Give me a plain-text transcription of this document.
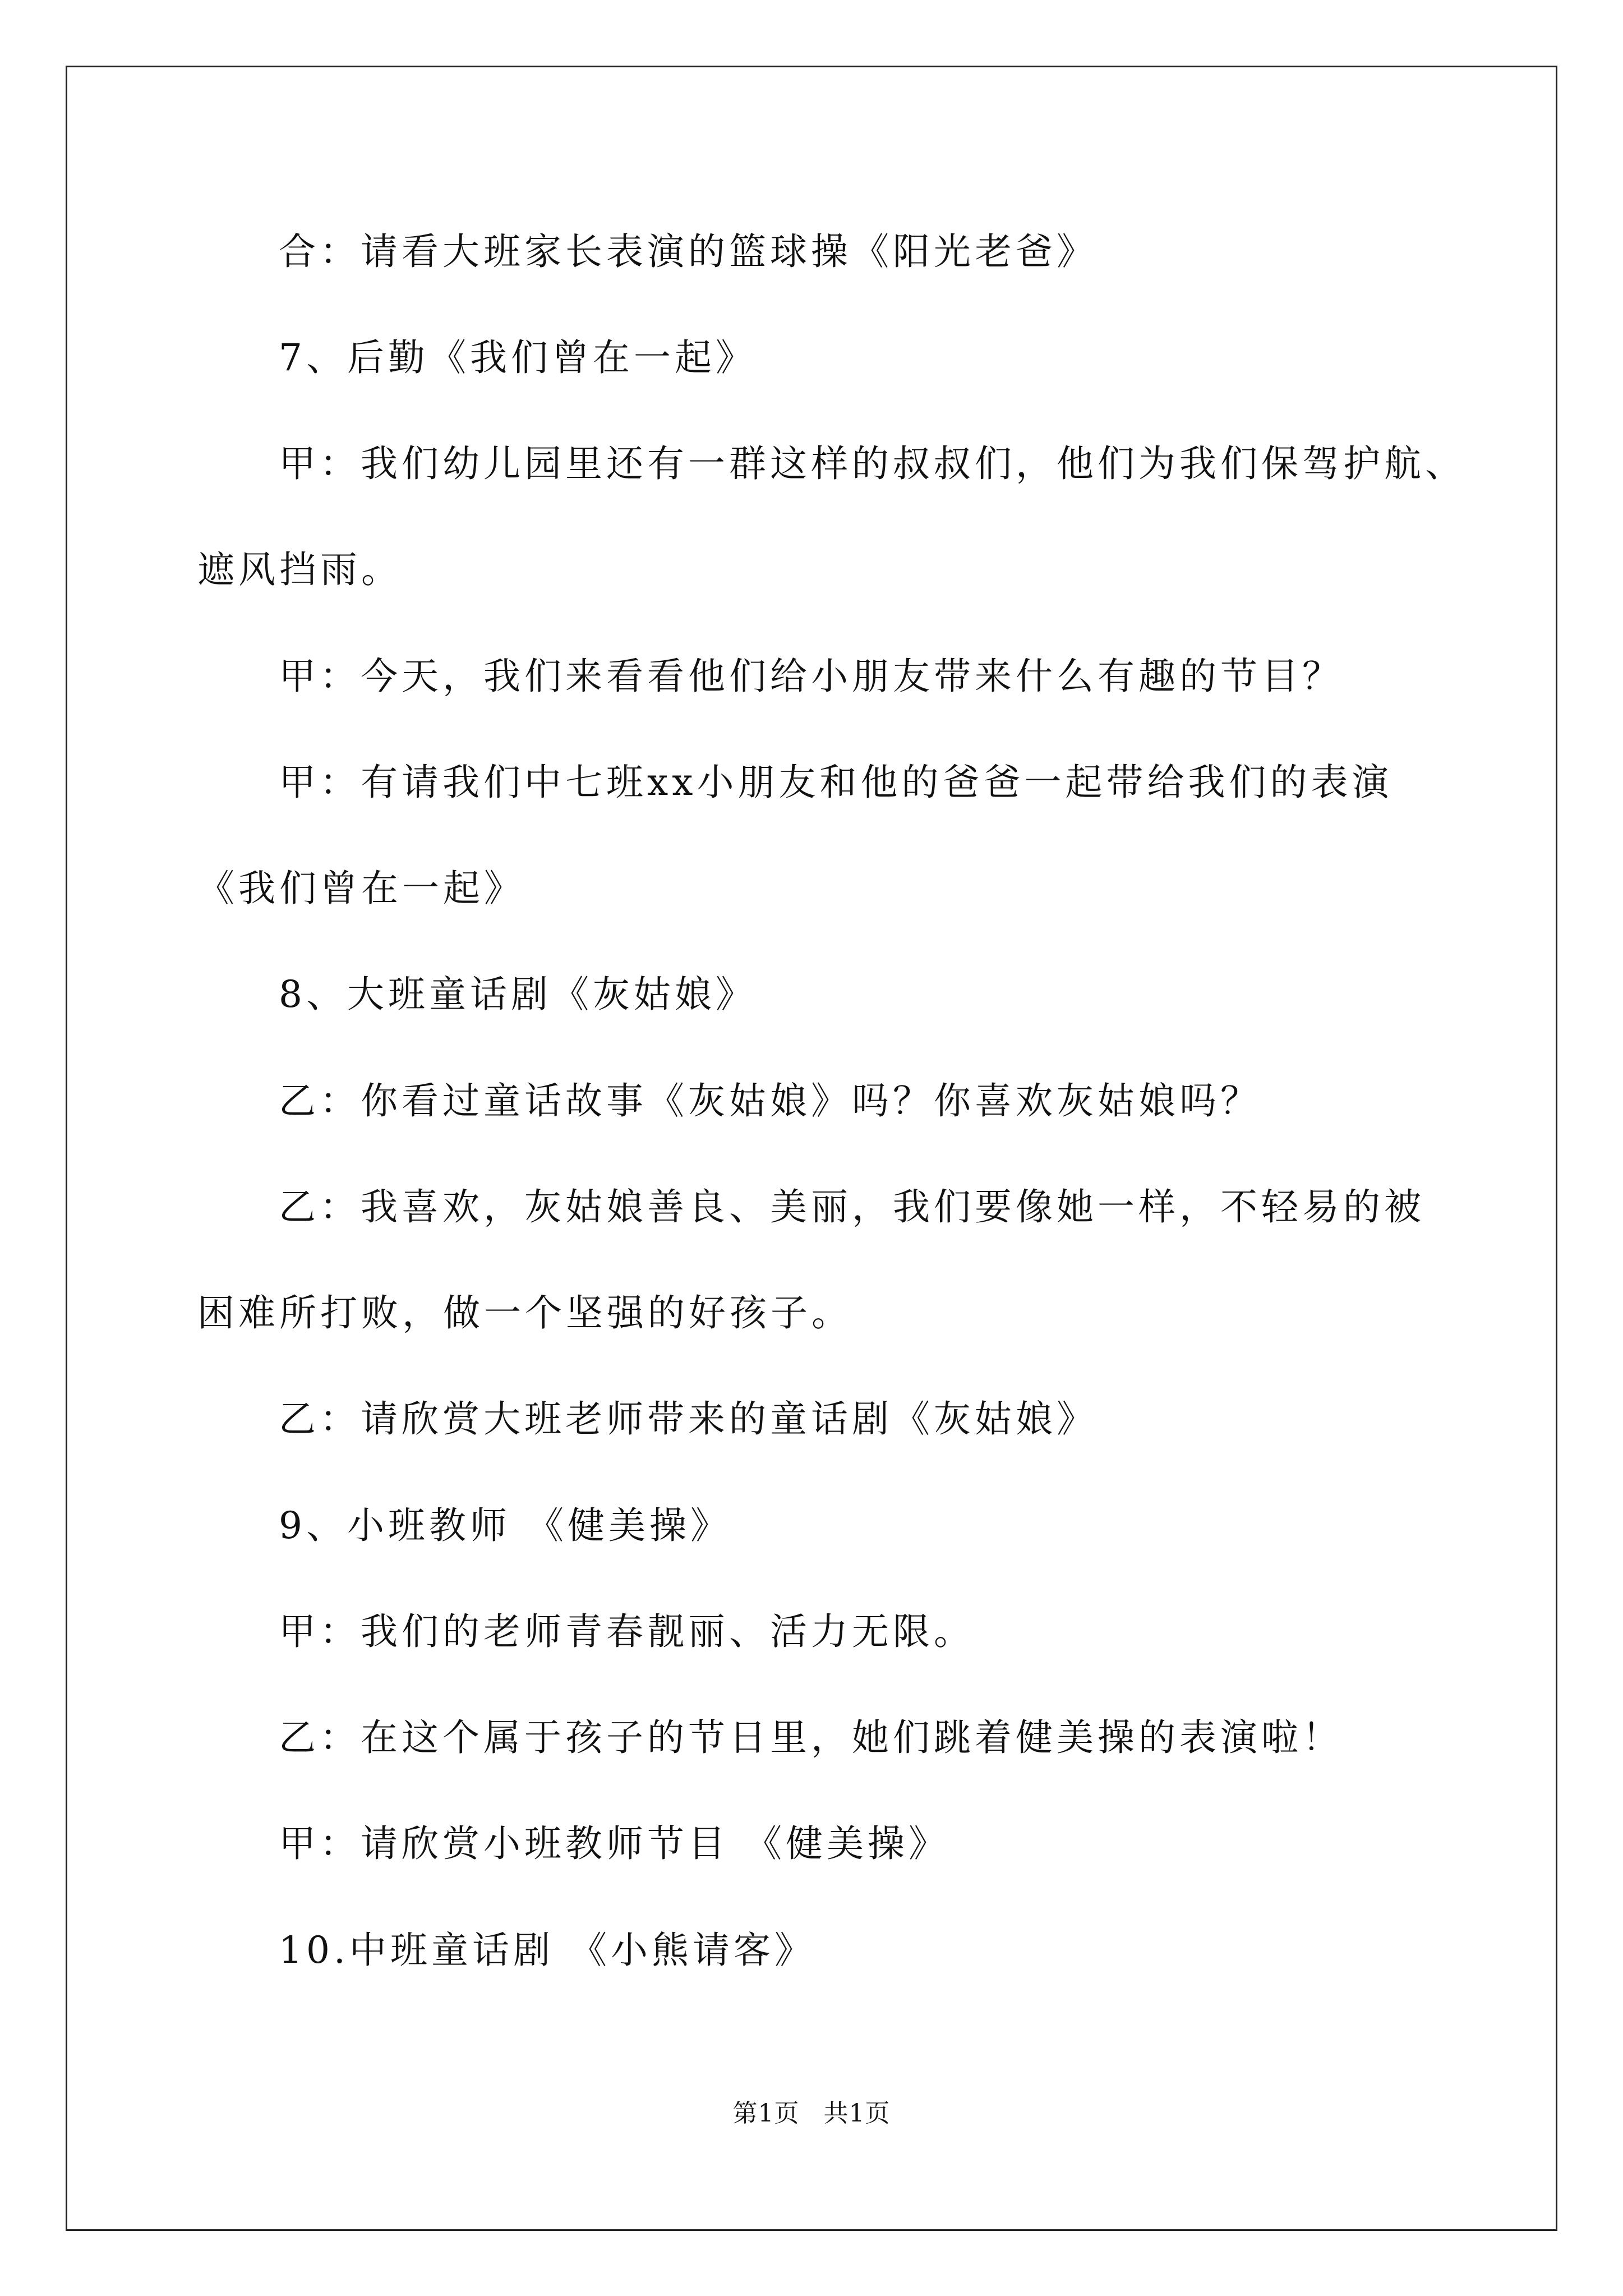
合：请看大班家长表演的篮球操《阳光老爸》
7、后勤《我们曾在一起》
甲：我们幼儿园里还有一群这样的叔叔们，他们为我们保驾护航、
遮风挡雨。
甲：今天，我们来看看他们给小朋友带来什么有趣的节目？
甲：有请我们中七班xx小朋友和他的爸爸一起带给我们的表演
《我们曾在一起》
8、大班童话剧《灰姑娘》
乙：你看过童话故事《灰姑娘》吗？你喜欢灰姑娘吗？
乙：我喜欢，灰姑娘善良、美丽，我们要像她一样，不轻易的被
困难所打败，做一个坚强的好孩子。
乙：请欣赏大班老师带来的童话剧《灰姑娘》
9、小班教师 《健美操》
甲：我们的老师青春靓丽、活力无限。
乙：在这个属于孩子的节日里，她们跳着健美操的表演啦！
甲：请欣赏小班教师节目 《健美操》
10.中班童话剧 《小熊请客》
第1页 共1页
